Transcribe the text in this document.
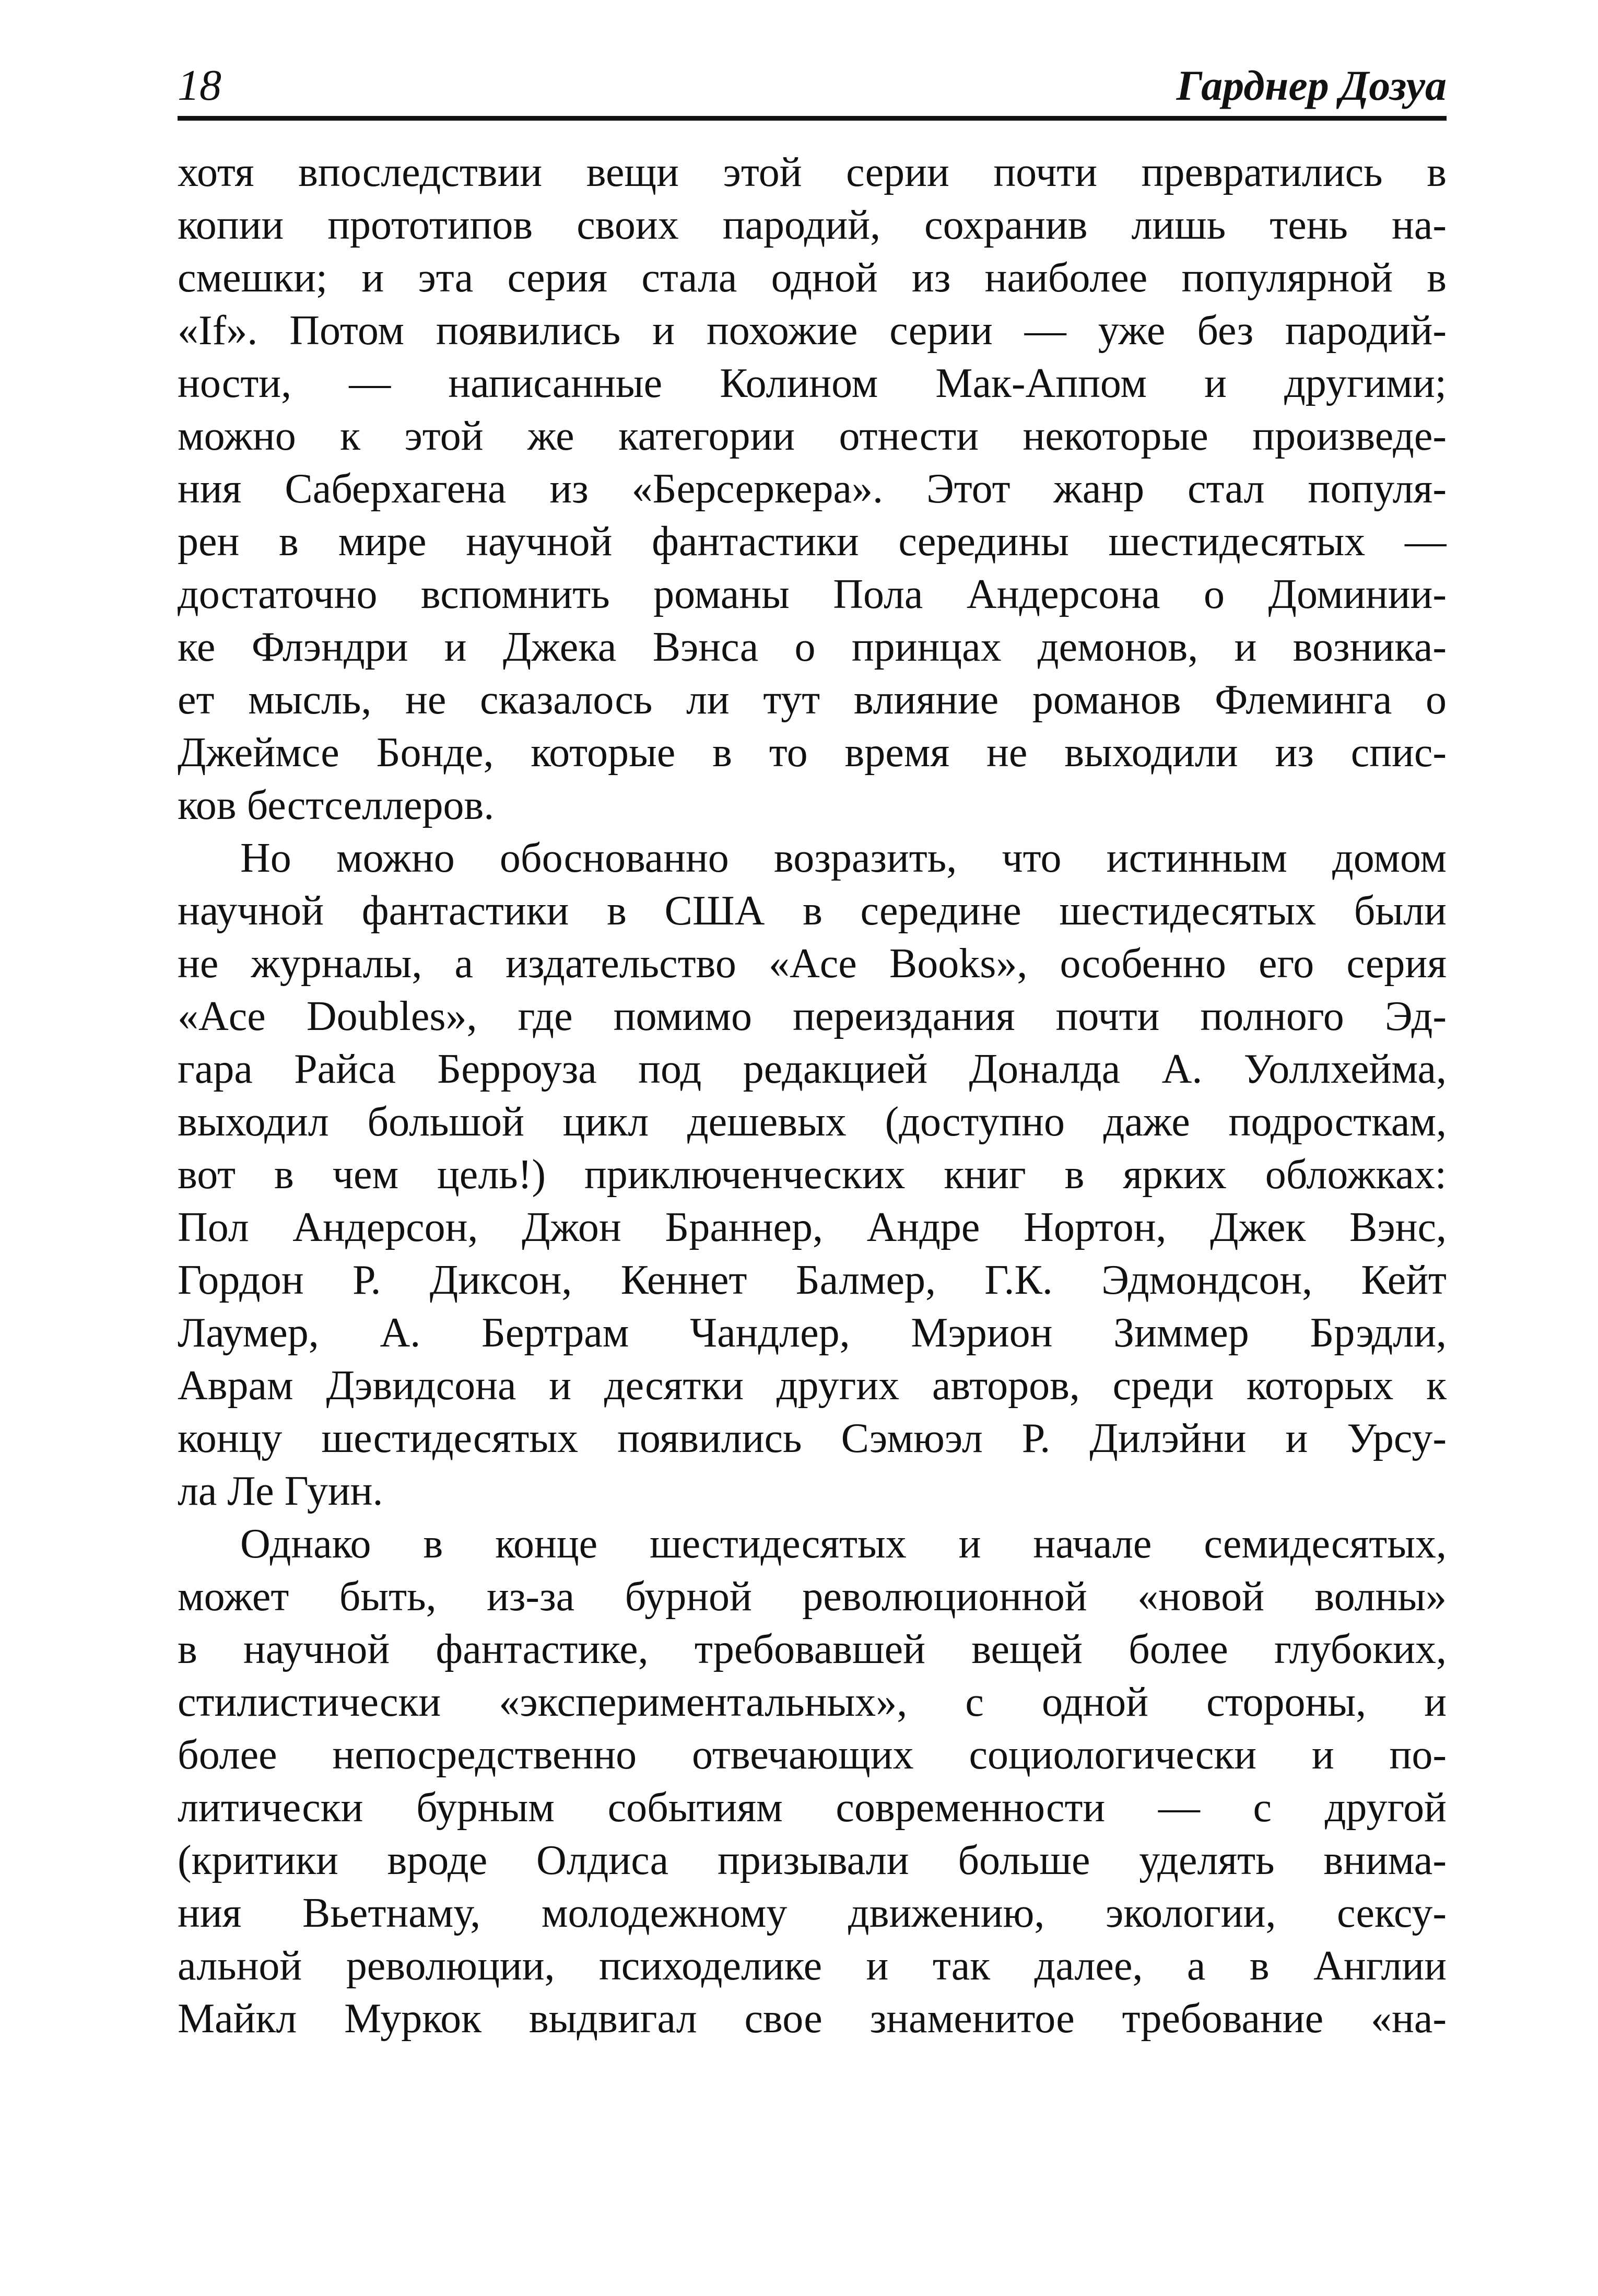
18	Гарднер Дозуа
хотя впоследствии вещи этой серии почти превратились в
копии прототипов своих пародий, сохранив лишь тень на-
смешки; и эта серия стала одной из наиболее популярной в
«If». Потом появились и похожие серии — уже без пародий-
ности, — написанные Колином Мак-Аппом и другими;
можно к этой же категории отнести некоторые произведе-
ния Саберхагена из «Берсеркера». Этот жанр стал популя-
рен в мире научной фантастики середины шестидесятых —
достаточно вспомнить романы Пола Андерсона о Доминии-
ке Флэндри и Джека Вэнса о принцах демонов, и возника-
ет мысль, не сказалось ли тут влияние романов Флеминга о
Джеймсе Бонде, которые в то время не выходили из спис-
ков бестселлеров.
Но можно обоснованно возразить, что истинным домом
научной фантастики в США в середине шестидесятых были
не журналы, а издательство «Ace Books», особенно его серия
«Ace Doubles», где помимо переиздания почти полного Эд-
гара Райса Берроуза под редакцией Доналда А. Уоллхейма,
выходил большой цикл дешевых (доступно даже подросткам,
вот в чем цель!) приключенческих книг в ярких обложках:
Пол Андерсон, Джон Браннер, Андре Нортон, Джек Вэнс,
Гордон Р. Диксон, Кеннет Балмер, Г.К. Эдмондсон, Кейт
Лаумер, А. Бертрам Чандлер, Мэрион Зиммер Брэдли,
Аврам Дэвидсона и десятки других авторов, среди которых к
концу шестидесятых появились Сэмюэл Р. Дилэйни и Урсу-
ла Ле Гуин.
Однако в конце шестидесятых и начале семидесятых,
может быть, из-за бурной революционной «новой волны»
в научной фантастике, требовавшей вещей более глубоких,
стилистически «экспериментальных», с одной стороны, и
более непосредственно отвечающих социологически и по-
литически бурным событиям современности — с другой
(критики вроде Олдиса призывали больше уделять внима-
ния Вьетнаму, молодежному движению, экологии, сексу-
альной революции, психоделике и так далее, а в Англии
Майкл Муркок выдвигал свое знаменитое требование «на-
